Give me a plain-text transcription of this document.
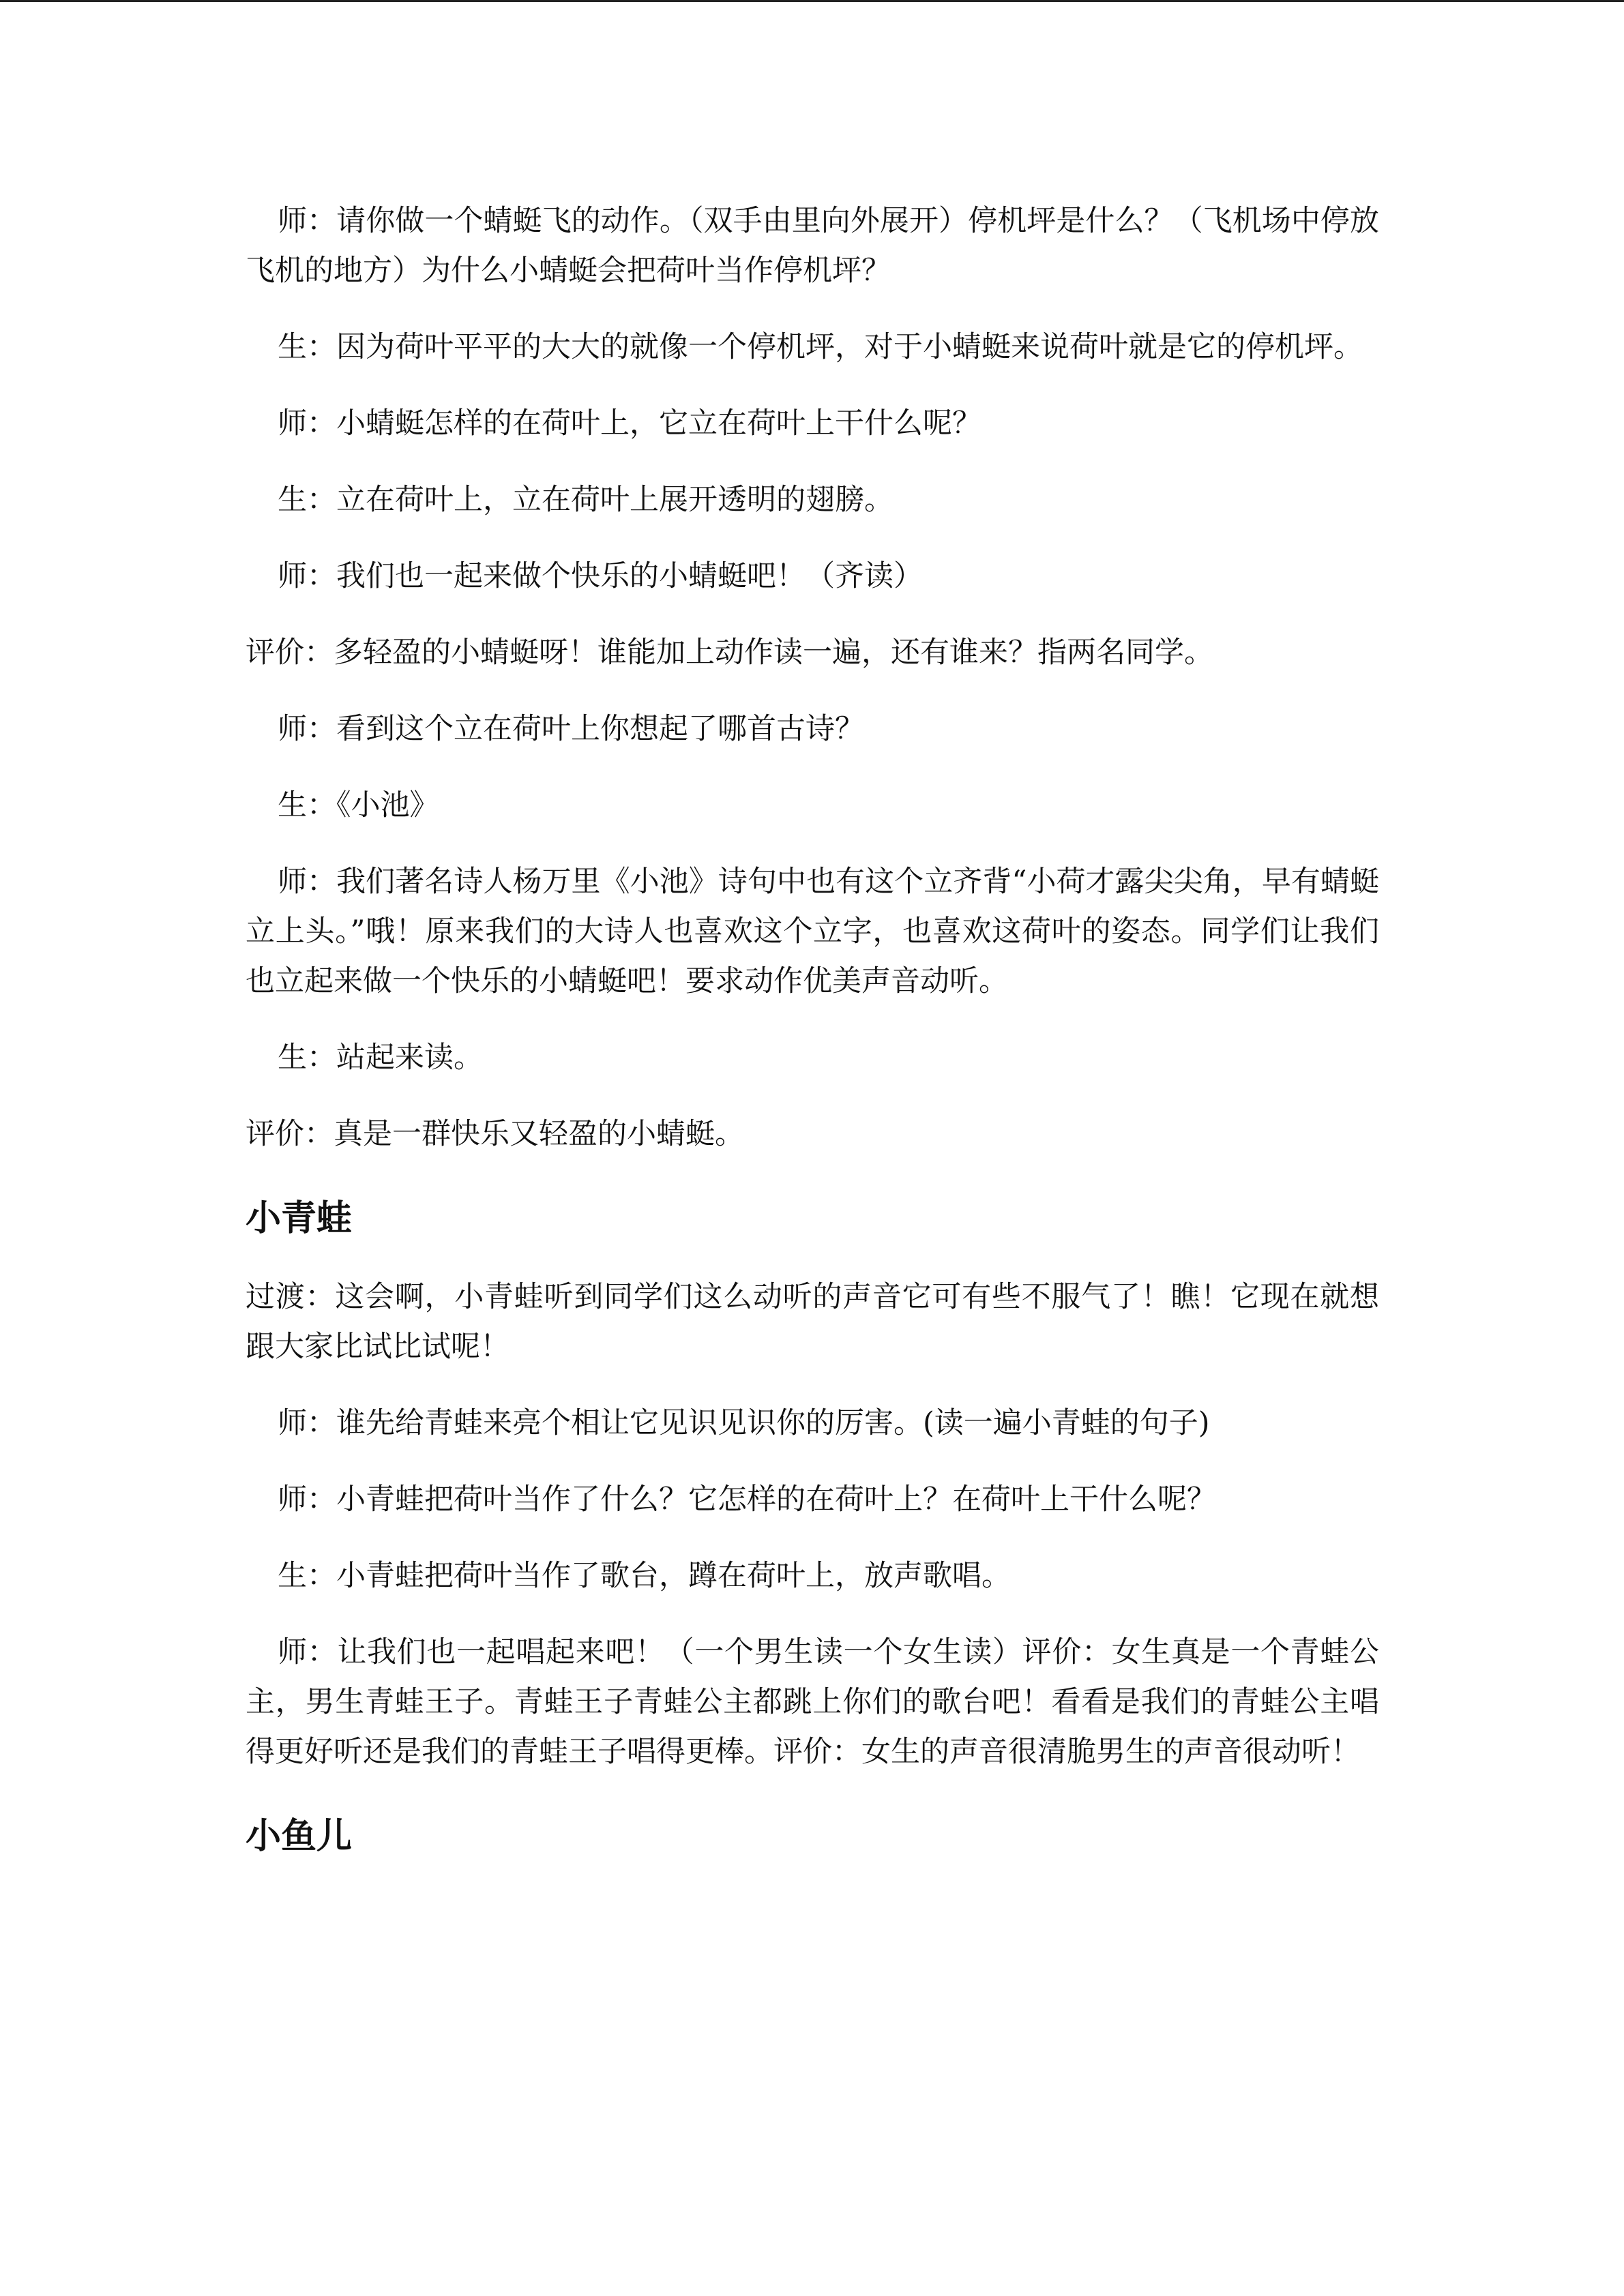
师：请你做一个蜻蜓飞的动作。（双手由里向外展开）停机坪是什么？（飞机场中停放飞机的地方）为什么小蜻蜓会把荷叶当作停机坪？

生：因为荷叶平平的大大的就像一个停机坪，对于小蜻蜓来说荷叶就是它的停机坪。

师：小蜻蜓怎样的在荷叶上，它立在荷叶上干什么呢？

生：立在荷叶上，立在荷叶上展开透明的翅膀。

师：我们也一起来做个快乐的小蜻蜓吧！（齐读）

评价：多轻盈的小蜻蜓呀！谁能加上动作读一遍，还有谁来？指两名同学。

师：看到这个立在荷叶上你想起了哪首古诗？

生：《小池》

师：我们著名诗人杨万里《小池》诗句中也有这个立齐背“小荷才露尖尖角，早有蜻蜓立上头。”哦！原来我们的大诗人也喜欢这个立字，也喜欢这荷叶的姿态。同学们让我们也立起来做一个快乐的小蜻蜓吧！要求动作优美声音动听。

生：站起来读。

评价：真是一群快乐又轻盈的小蜻蜓。

小青蛙

过渡：这会啊，小青蛙听到同学们这么动听的声音它可有些不服气了！瞧！它现在就想跟大家比试比试呢！

师：谁先给青蛙来亮个相让它见识见识你的厉害。(读一遍小青蛙的句子)

师：小青蛙把荷叶当作了什么？它怎样的在荷叶上？在荷叶上干什么呢？

生：小青蛙把荷叶当作了歌台，蹲在荷叶上，放声歌唱。

师：让我们也一起唱起来吧！（一个男生读一个女生读）评价：女生真是一个青蛙公主，男生青蛙王子。青蛙王子青蛙公主都跳上你们的歌台吧！看看是我们的青蛙公主唱得更好听还是我们的青蛙王子唱得更棒。评价：女生的声音很清脆男生的声音很动听！

小鱼儿
